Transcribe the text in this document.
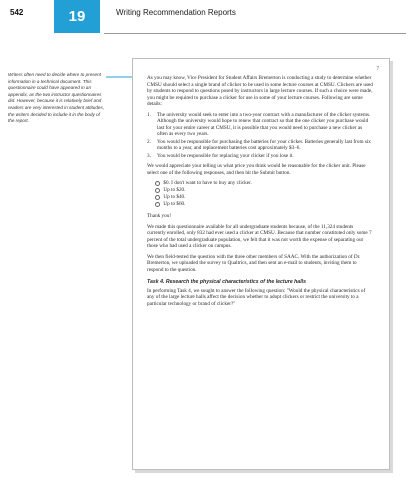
542	19	Writing Recommendation Reports
Writers often need to decide where to present information in a technical document. This questionnaire could have appeared in an appendix, as the two instructor questionnaires did. However, because it is relatively brief and readers are very interested in student attitudes, the writers decided to include it in the body of the report.
7

As you may know, Vice President for Student Affairs Bremerton is conducting a study to determine whether CMSU should select a single brand of clicker to be used in some lecture courses at CMSU. Clickers are used by students to respond to questions posed by instructors in large lecture courses. If such a choice were made, you might be required to purchase a clicker for use in some of your lecture courses. Following are some details:

1.	The university would seek to enter into a two-year contract with a manufacturer of the clicker systems. Although the university would hope to renew that contract so that the one clicker you purchase would last for your entire career at CMSU, it is possible that you would need to purchase a new clicker as often as every two years.
2.	You would be responsible for purchasing the batteries for your clicker. Batteries generally last from six months to a year, and replacement batteries cost approximately $3–6.
3.	You would be responsible for replacing your clicker if you lose it.

We would appreciate your telling us what price you think would be reasonable for the clicker unit. Please select one of the following responses, and then hit the Submit button.

$0. I don't want to have to buy any clicker.
Up to $20.
Up to $40.
Up to $60.

Thank you!

We made this questionnaire available for all undergraduate students because, of the 11,324 students currently enrolled, only 832 had ever used a clicker at CMSU. Because that number constituted only some 7 percent of the total undergraduate population, we felt that it was not worth the expense of separating out those who had used a clicker on campus.

We then field-tested the question with the three other members of SAAC. With the authorization of Dr. Bremerton, we uploaded the survey to Qualtrics, and then sent an e-mail to students, inviting them to respond to the question.

Task 4. Research the physical characteristics of the lecture halls

In performing Task 4, we sought to answer the following question: "Would the physical characteristics of any of the large lecture halls affect the decision whether to adopt clickers or restrict the university to a particular technology or brand of clicker?"
